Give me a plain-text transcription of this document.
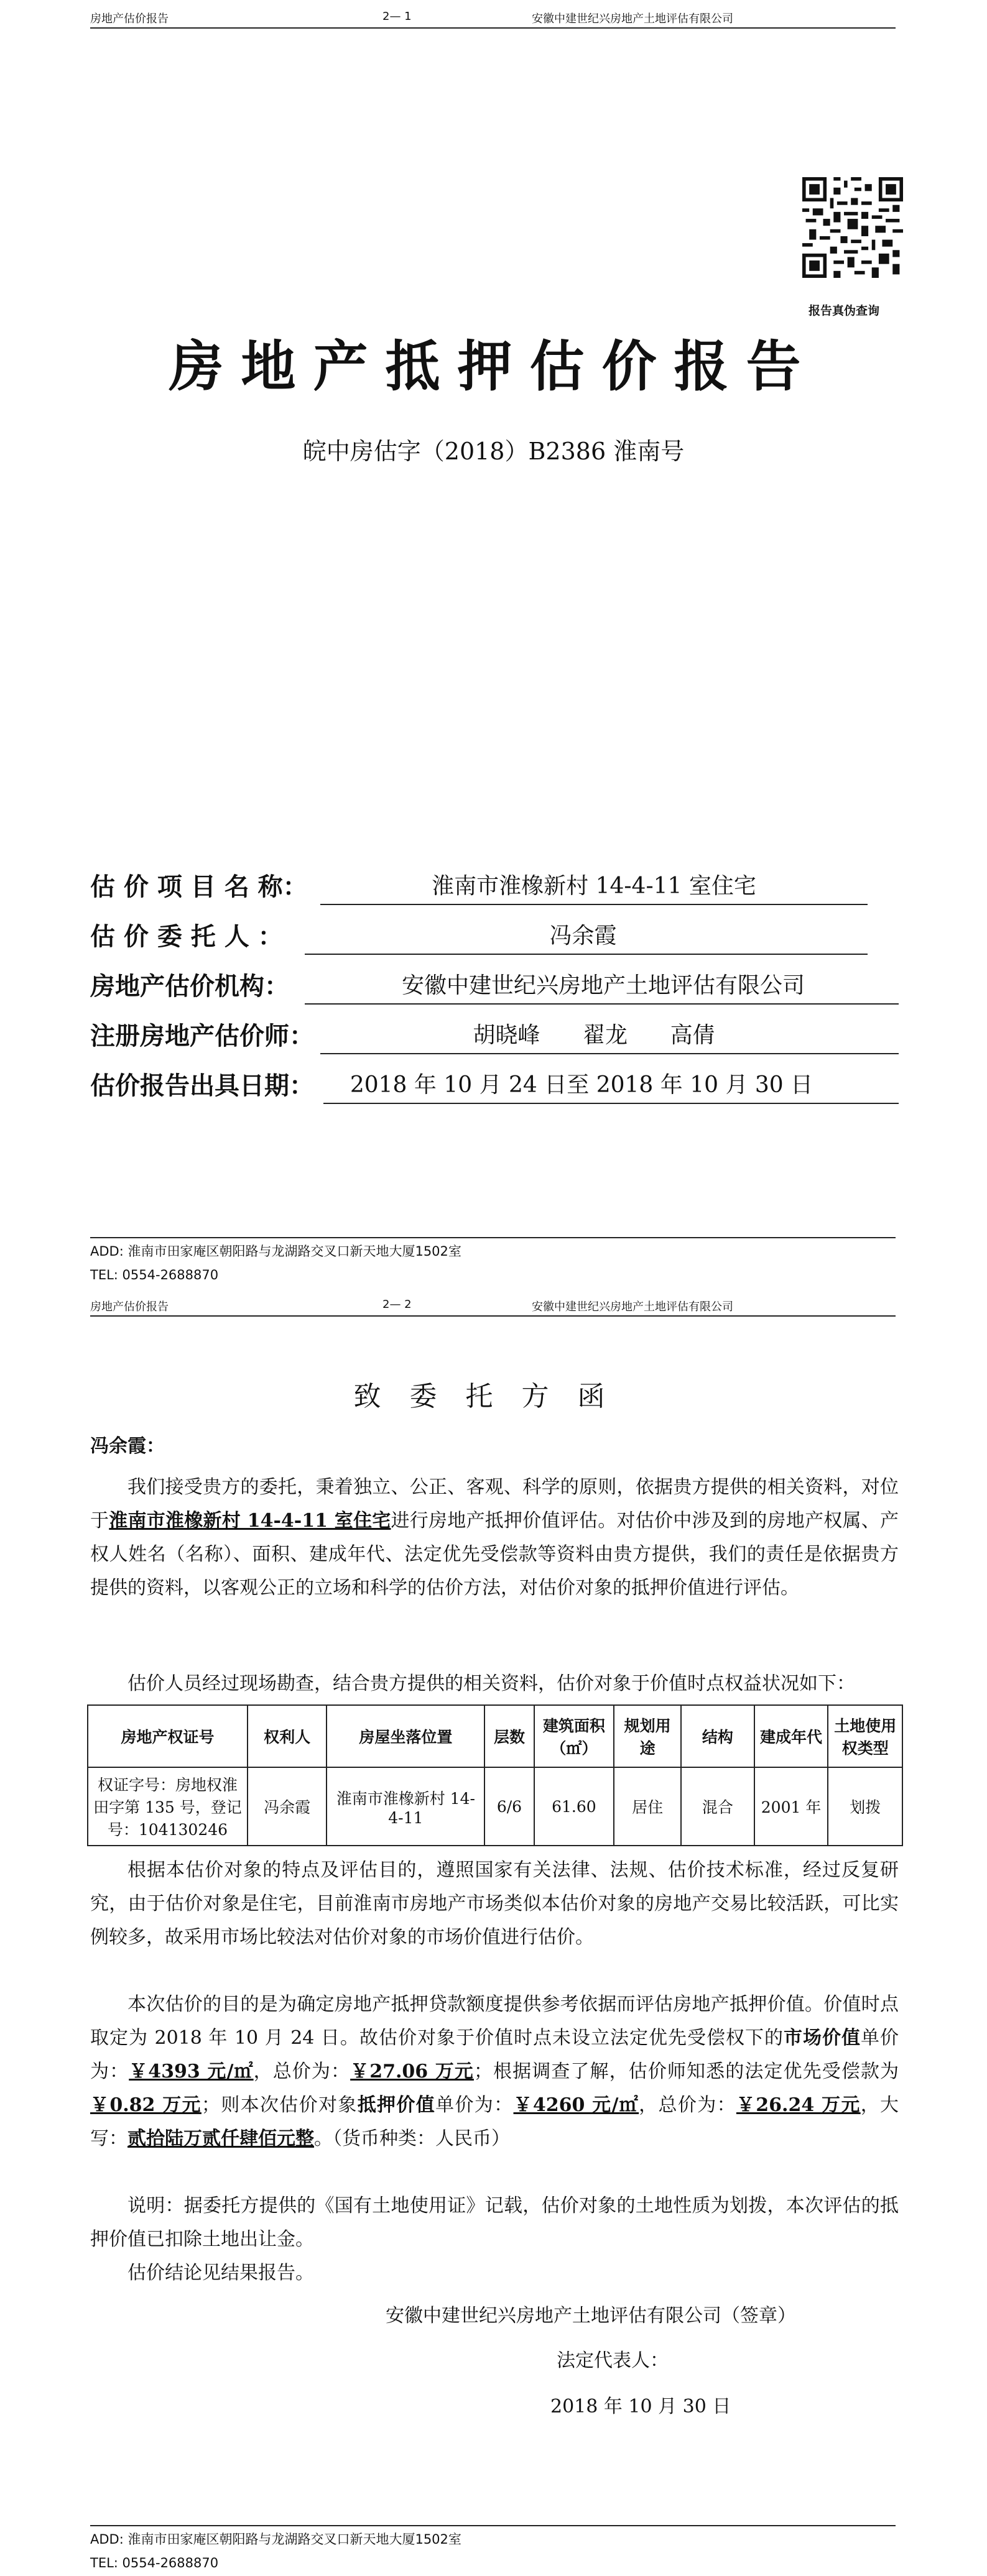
房地产估价报告	2— 1	安徽中建世纪兴房地产土地评估有限公司
报告真伪查询
房地产抵押估价报告
皖中房估字（2018）B2386 淮南号
估 价 项 目 名 称：	淮南市淮橡新村 14-4-11 室住宅
估 价 委 托 人 ：	冯余霞
房地产估价机构：	安徽中建世纪兴房地产土地评估有限公司
注册房地产估价师：	胡晓峰      翟龙      高倩
估价报告出具日期：	2018 年 10 月 24 日至 2018 年 10 月 30 日
ADD: 淮南市田家庵区朝阳路与龙湖路交叉口新天地大厦1502室
TEL: 0554-2688870
房地产估价报告	2— 2	安徽中建世纪兴房地产土地评估有限公司
ADD: 淮南市田家庵区朝阳路与龙湖路交叉口新天地大厦1502室
TEL: 0554-2688870
致委托方函
冯余霞：
我们接受贵方的委托，秉着独立、公正、客观、科学的原则，依据贵方提供的相关资料，对位于淮南市淮橡新村 14-4-11 室住宅进行房地产抵押价值评估。对估价中涉及到的房地产权属、产权人姓名（名称）、面积、建成年代、法定优先受偿款等资料由贵方提供，我们的责任是依据贵方提供的资料，以客观公正的立场和科学的估价方法，对估价对象的抵押价值进行评估。
估价人员经过现场勘查，结合贵方提供的相关资料，估价对象于价值时点权益状况如下：
房地产权证号	权利人	房屋坐落位置	层数	建筑面积（㎡）	规划用途	结构	建成年代	土地使用权类型
权证字号：房地权淮田字第 135 号，登记号：104130246	冯余霞	淮南市淮橡新村 14-4-11	6/6	61.60	居住	混合	2001 年	划拨
根据本估价对象的特点及评估目的，遵照国家有关法律、法规、估价技术标准，经过反复研究，由于估价对象是住宅，目前淮南市房地产市场类似本估价对象的房地产交易比较活跃，可比实例较多，故采用市场比较法对估价对象的市场价值进行估价。
本次估价的目的是为确定房地产抵押贷款额度提供参考依据而评估房地产抵押价值。价值时点取定为 2018 年 10 月 24 日。故估价对象于价值时点未设立法定优先受偿权下的市场价值单价为：￥4393 元/㎡，总价为：￥27.06 万元；根据调查了解，估价师知悉的法定优先受偿款为￥0.82 万元；则本次估价对象抵押价值单价为：￥4260 元/㎡，总价为：￥26.24 万元，大写：贰拾陆万贰仟肆佰元整。（货币种类：人民币）
说明：据委托方提供的《国有土地使用证》记载，估价对象的土地性质为划拨，本次评估的抵押价值已扣除土地出让金。
估价结论见结果报告。
安徽中建世纪兴房地产土地评估有限公司（签章）
法定代表人：
2018 年 10 月 30 日
